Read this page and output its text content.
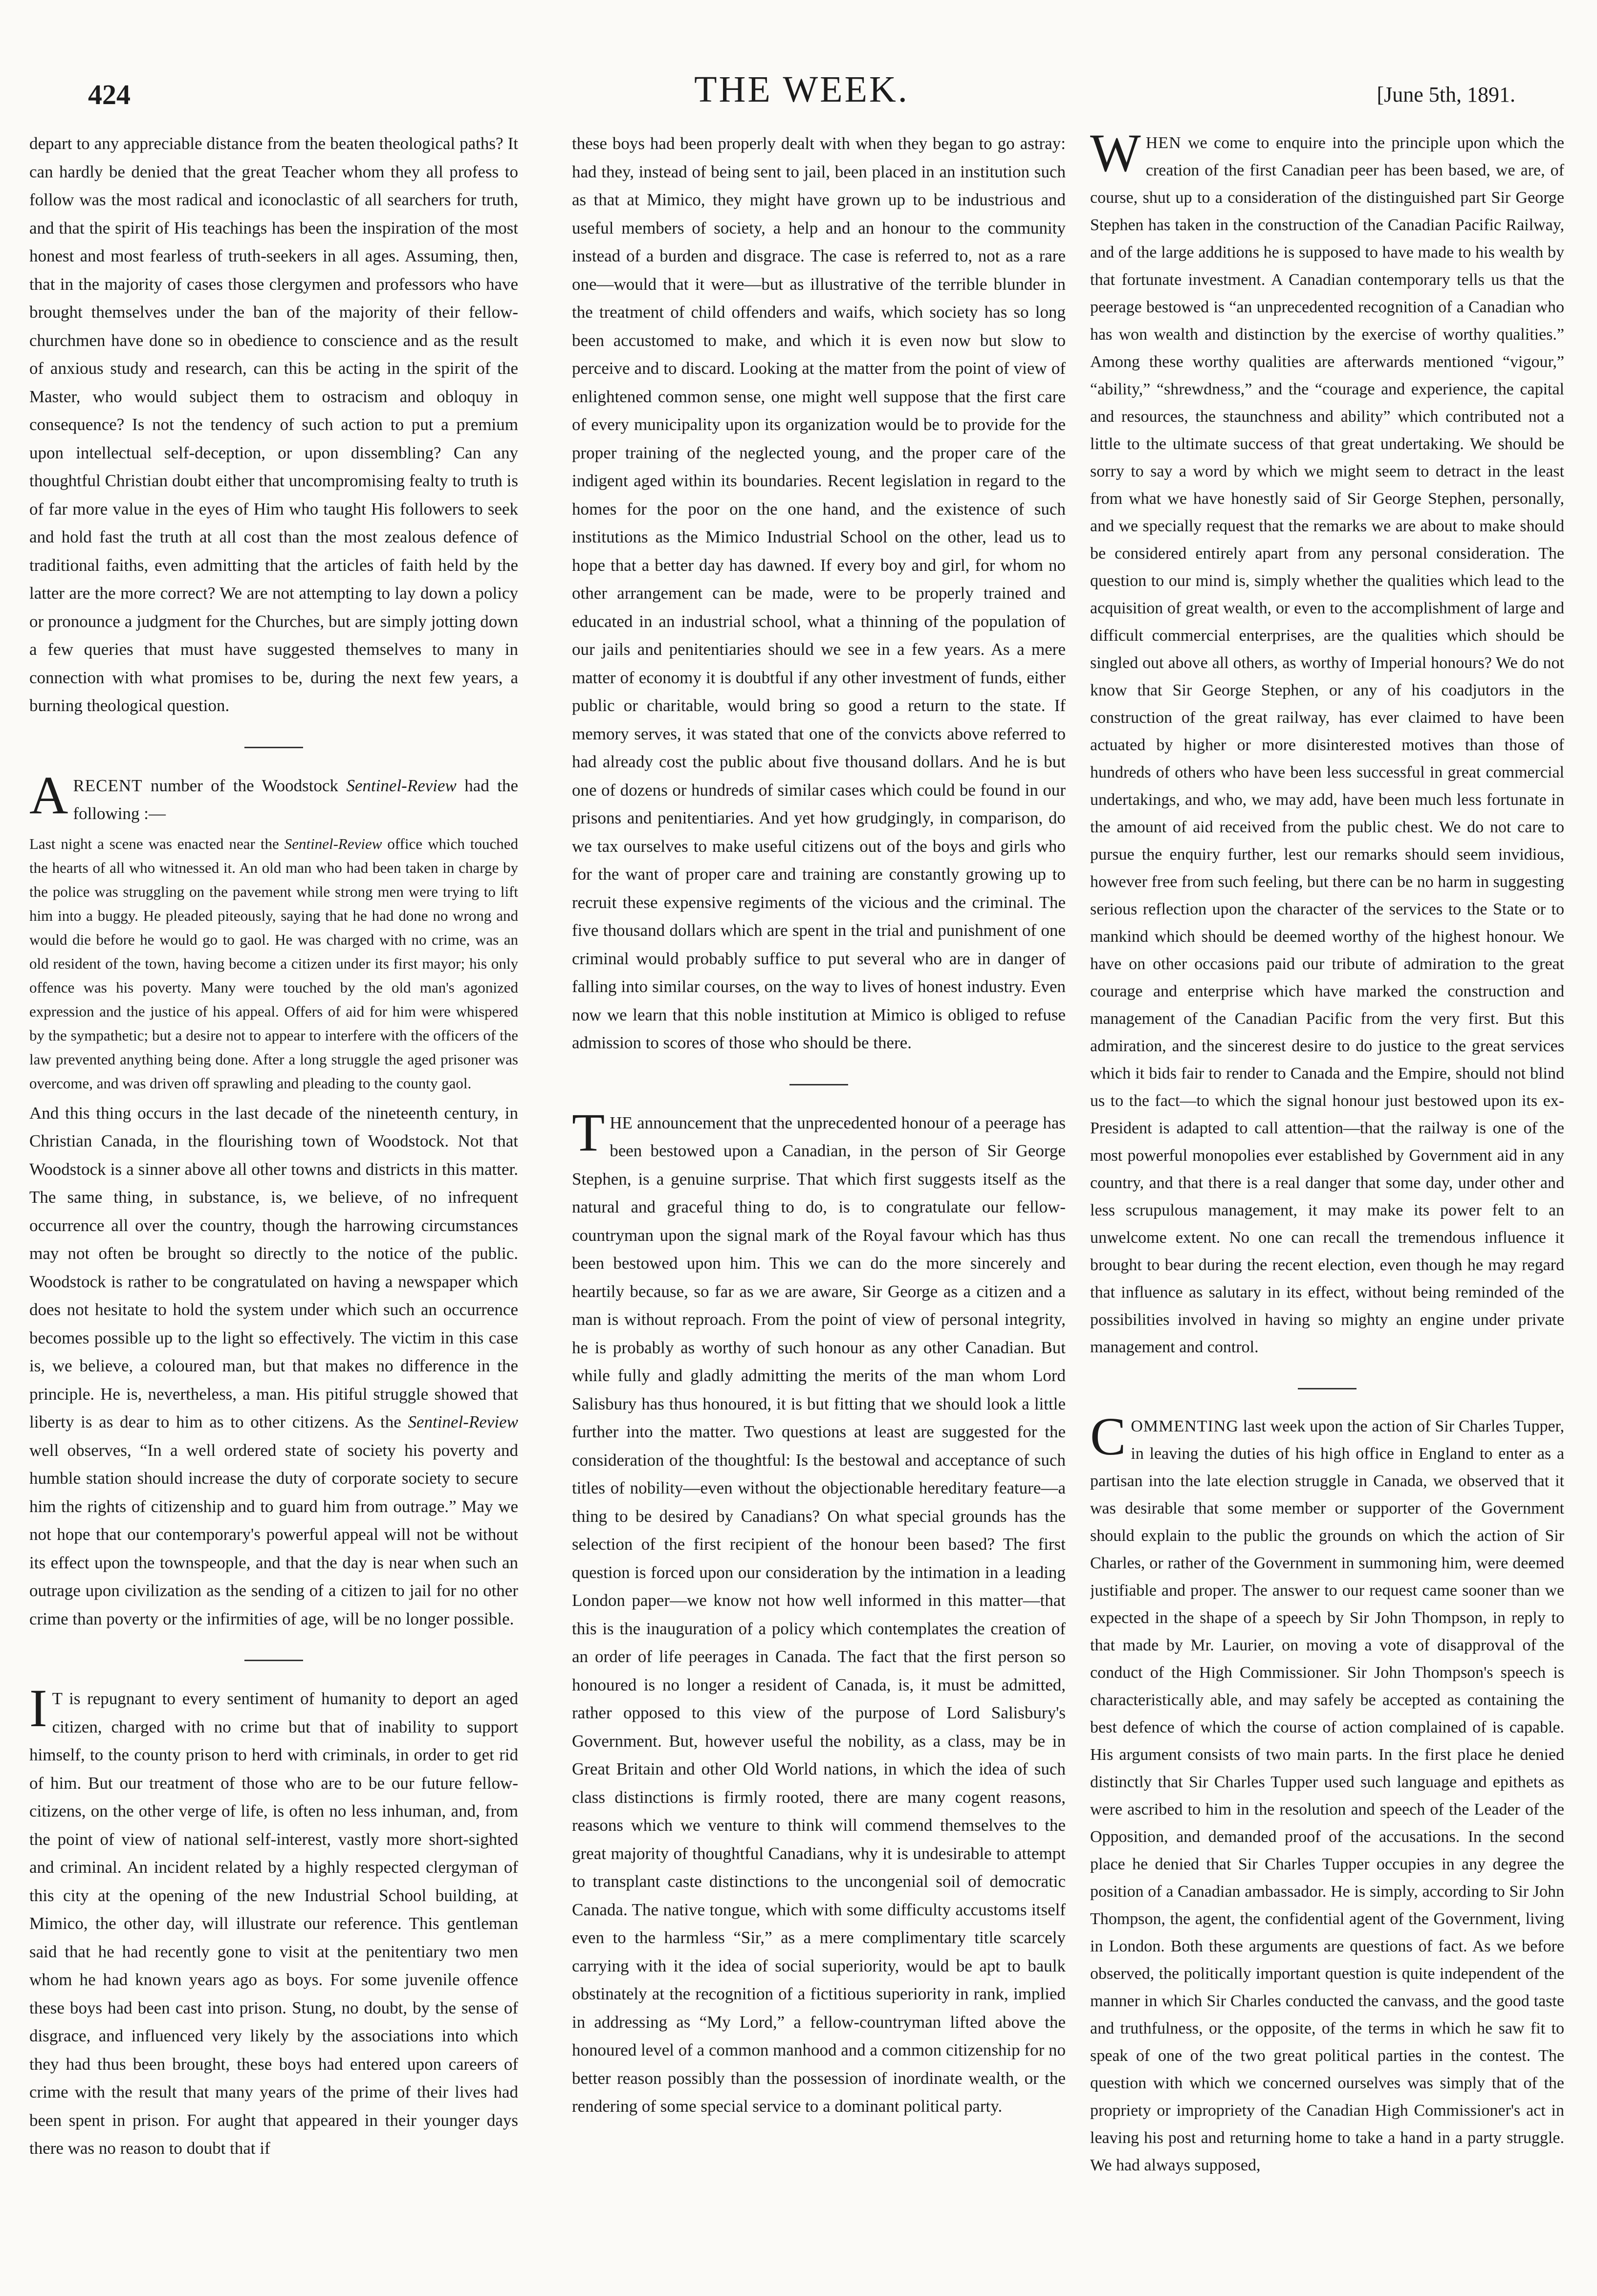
424	THE WEEK.	[June 5th, 1891.

depart to any appreciable distance from the beaten theological paths? It can hardly be denied that the great Teacher whom they all profess to follow was the most radical and iconoclastic of all searchers for truth, and that the spirit of His teachings has been the inspiration of the most honest and most fearless of truth-seekers in all ages. Assuming, then, that in the majority of cases those clergymen and professors who have brought themselves under the ban of the majority of their fellow-churchmen have done so in obedience to conscience and as the result of anxious study and research, can this be acting in the spirit of the Master, who would subject them to ostracism and obloquy in consequence? Is not the tendency of such action to put a premium upon intellectual self-deception, or upon dissembling? Can any thoughtful Christian doubt either that uncompromising fealty to truth is of far more value in the eyes of Him who taught His followers to seek and hold fast the truth at all cost than the most zealous defence of traditional faiths, even admitting that the articles of faith held by the latter are the more correct? We are not attempting to lay down a policy or pronounce a judgment for the Churches, but are simply jotting down a few queries that must have suggested themselves to many in connection with what promises to be, during the next few years, a burning theological question.

ARECENT number of the Woodstock Sentinel-Review had the following :—

Last night a scene was enacted near the Sentinel-Review office which touched the hearts of all who witnessed it. An old man who had been taken in charge by the police was struggling on the pavement while strong men were trying to lift him into a buggy. He pleaded piteously, saying that he had done no wrong and would die before he would go to gaol. He was charged with no crime, was an old resident of the town, having become a citizen under its first mayor; his only offence was his poverty. Many were touched by the old man's agonized expression and the justice of his appeal. Offers of aid for him were whispered by the sympathetic; but a desire not to appear to interfere with the officers of the law prevented anything being done. After a long struggle the aged prisoner was overcome, and was driven off sprawling and pleading to the county gaol.

And this thing occurs in the last decade of the nineteenth century, in Christian Canada, in the flourishing town of Woodstock. Not that Woodstock is a sinner above all other towns and districts in this matter. The same thing, in substance, is, we believe, of no infrequent occurrence all over the country, though the harrowing circumstances may not often be brought so directly to the notice of the public. Woodstock is rather to be congratulated on having a newspaper which does not hesitate to hold the system under which such an occurrence becomes possible up to the light so effectively. The victim in this case is, we believe, a coloured man, but that makes no difference in the principle. He is, nevertheless, a man. His pitiful struggle showed that liberty is as dear to him as to other citizens. As the Sentinel-Review well observes, “In a well ordered state of society his poverty and humble station should increase the duty of corporate society to secure him the rights of citizenship and to guard him from outrage.” May we not hope that our contemporary's powerful appeal will not be without its effect upon the townspeople, and that the day is near when such an outrage upon civilization as the sending of a citizen to jail for no other crime than poverty or the infirmities of age, will be no longer possible.

I T is repugnant to every sentiment of humanity to deport an aged citizen, charged with no crime but that of inability to support himself, to the county prison to herd with criminals, in order to get rid of him. But our treatment of those who are to be our future fellow-citizens, on the other verge of life, is often no less inhuman, and, from the point of view of national self-interest, vastly more short-sighted and criminal. An incident related by a highly respected clergyman of this city at the opening of the new Industrial School building, at Mimico, the other day, will illustrate our reference. This gentleman said that he had recently gone to visit at the penitentiary two men whom he had known years ago as boys. For some juvenile offence these boys had been cast into prison. Stung, no doubt, by the sense of disgrace, and influenced very likely by the associations into which they had thus been brought, these boys had entered upon careers of crime with the result that many years of the prime of their lives had been spent in prison. For aught that appeared in their younger days there was no reason to doubt that if

these boys had been properly dealt with when they began to go astray: had they, instead of being sent to jail, been placed in an institution such as that at Mimico, they might have grown up to be industrious and useful members of society, a help and an honour to the community instead of a burden and disgrace. The case is referred to, not as a rare one—would that it were—but as illustrative of the terrible blunder in the treatment of child offenders and waifs, which society has so long been accustomed to make, and which it is even now but slow to perceive and to discard. Looking at the matter from the point of view of enlightened common sense, one might well suppose that the first care of every municipality upon its organization would be to provide for the proper training of the neglected young, and the proper care of the indigent aged within its boundaries. Recent legislation in regard to the homes for the poor on the one hand, and the existence of such institutions as the Mimico Industrial School on the other, lead us to hope that a better day has dawned. If every boy and girl, for whom no other arrangement can be made, were to be properly trained and educated in an industrial school, what a thinning of the population of our jails and penitentiaries should we see in a few years. As a mere matter of economy it is doubtful if any other investment of funds, either public or charitable, would bring so good a return to the state. If memory serves, it was stated that one of the convicts above referred to had already cost the public about five thousand dollars. And he is but one of dozens or hundreds of similar cases which could be found in our prisons and penitentiaries. And yet how grudgingly, in comparison, do we tax ourselves to make useful citizens out of the boys and girls who for the want of proper care and training are constantly growing up to recruit these expensive regiments of the vicious and the criminal. The five thousand dollars which are spent in the trial and punishment of one criminal would probably suffice to put several who are in danger of falling into similar courses, on the way to lives of honest industry. Even now we learn that this noble institution at Mimico is obliged to refuse admission to scores of those who should be there.

THE announcement that the unprecedented honour of a peerage has been bestowed upon a Canadian, in the person of Sir George Stephen, is a genuine surprise. That which first suggests itself as the natural and graceful thing to do, is to congratulate our fellow-countryman upon the signal mark of the Royal favour which has thus been bestowed upon him. This we can do the more sincerely and heartily because, so far as we are aware, Sir George as a citizen and a man is without reproach. From the point of view of personal integrity, he is probably as worthy of such honour as any other Canadian. But while fully and gladly admitting the merits of the man whom Lord Salisbury has thus honoured, it is but fitting that we should look a little further into the matter. Two questions at least are suggested for the consideration of the thoughtful: Is the bestowal and acceptance of such titles of nobility—even without the objectionable hereditary feature—a thing to be desired by Canadians? On what special grounds has the selection of the first recipient of the honour been based? The first question is forced upon our consideration by the intimation in a leading London paper—we know not how well informed in this matter—that this is the inauguration of a policy which contemplates the creation of an order of life peerages in Canada. The fact that the first person so honoured is no longer a resident of Canada, is, it must be admitted, rather opposed to this view of the purpose of Lord Salisbury's Government. But, however useful the nobility, as a class, may be in Great Britain and other Old World nations, in which the idea of such class distinctions is firmly rooted, there are many cogent reasons, reasons which we venture to think will commend themselves to the great majority of thoughtful Canadians, why it is undesirable to attempt to transplant caste distinctions to the uncongenial soil of democratic Canada. The native tongue, which with some difficulty accustoms itself even to the harmless “Sir,” as a mere complimentary title scarcely carrying with it the idea of social superiority, would be apt to baulk obstinately at the recognition of a fictitious superiority in rank, implied in addressing as “My Lord,” a fellow-countryman lifted above the honoured level of a common manhood and a common citizenship for no better reason possibly than the possession of inordinate wealth, or the rendering of some special service to a dominant political party.

WHEN we come to enquire into the principle upon which the creation of the first Canadian peer has been based, we are, of course, shut up to a consideration of the distinguished part Sir George Stephen has taken in the construction of the Canadian Pacific Railway, and of the large additions he is supposed to have made to his wealth by that fortunate investment. A Canadian contemporary tells us that the peerage bestowed is “an unprecedented recognition of a Canadian who has won wealth and distinction by the exercise of worthy qualities.” Among these worthy qualities are afterwards mentioned “vigour,” “ability,” “shrewdness,” and the “courage and experience, the capital and resources, the staunchness and ability” which contributed not a little to the ultimate success of that great undertaking. We should be sorry to say a word by which we might seem to detract in the least from what we have honestly said of Sir George Stephen, personally, and we specially request that the remarks we are about to make should be considered entirely apart from any personal consideration. The question to our mind is, simply whether the qualities which lead to the acquisition of great wealth, or even to the accomplishment of large and difficult commercial enterprises, are the qualities which should be singled out above all others, as worthy of Imperial honours? We do not know that Sir George Stephen, or any of his coadjutors in the construction of the great railway, has ever claimed to have been actuated by higher or more disinterested motives than those of hundreds of others who have been less successful in great commercial undertakings, and who, we may add, have been much less fortunate in the amount of aid received from the public chest. We do not care to pursue the enquiry further, lest our remarks should seem invidious, however free from such feeling, but there can be no harm in suggesting serious reflection upon the character of the services to the State or to mankind which should be deemed worthy of the highest honour. We have on other occasions paid our tribute of admiration to the great courage and enterprise which have marked the construction and management of the Canadian Pacific from the very first. But this admiration, and the sincerest desire to do justice to the great services which it bids fair to render to Canada and the Empire, should not blind us to the fact—to which the signal honour just bestowed upon its ex-President is adapted to call attention—that the railway is one of the most powerful monopolies ever established by Government aid in any country, and that there is a real danger that some day, under other and less scrupulous management, it may make its power felt to an unwelcome extent. No one can recall the tremendous influence it brought to bear during the recent election, even though he may regard that influence as salutary in its effect, without being reminded of the possibilities involved in having so mighty an engine under private management and control.

COMMENTING last week upon the action of Sir Charles Tupper, in leaving the duties of his high office in England to enter as a partisan into the late election struggle in Canada, we observed that it was desirable that some member or supporter of the Government should explain to the public the grounds on which the action of Sir Charles, or rather of the Government in summoning him, were deemed justifiable and proper. The answer to our request came sooner than we expected in the shape of a speech by Sir John Thompson, in reply to that made by Mr. Laurier, on moving a vote of disapproval of the conduct of the High Commissioner. Sir John Thompson's speech is characteristically able, and may safely be accepted as containing the best defence of which the course of action complained of is capable. His argument consists of two main parts. In the first place he denied distinctly that Sir Charles Tupper used such language and epithets as were ascribed to him in the resolution and speech of the Leader of the Opposition, and demanded proof of the accusations. In the second place he denied that Sir Charles Tupper occupies in any degree the position of a Canadian ambassador. He is simply, according to Sir John Thompson, the agent, the confidential agent of the Government, living in London. Both these arguments are questions of fact. As we before observed, the politically important question is quite independent of the manner in which Sir Charles conducted the canvass, and the good taste and truthfulness, or the opposite, of the terms in which he saw fit to speak of one of the two great political parties in the contest. The question with which we concerned ourselves was simply that of the propriety or impropriety of the Canadian High Commissioner's act in leaving his post and returning home to take a hand in a party struggle. We had always supposed,
